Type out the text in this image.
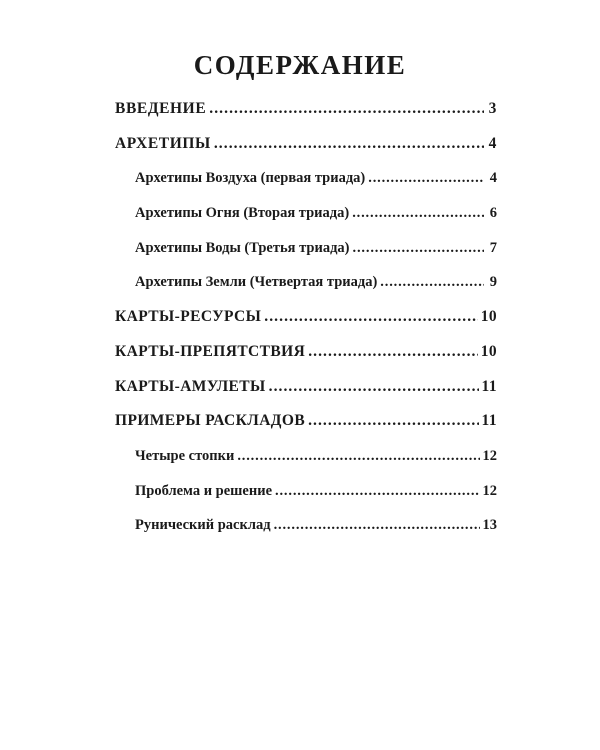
СОДЕРЖАНИЕ
ВВЕДЕНИЕ . . .	3
АРХЕТИПЫ . . .	4
Архетипы Воздуха (первая триада) . . .	4
Архетипы Огня (Вторая триада) . . .	6
Архетипы Воды (Третья триада) . . .	7
Архетипы Земли (Четвертая триада) . . .	9
КАРТЫ-РЕСУРСЫ . . .	10
КАРТЫ-ПРЕПЯТСТВИЯ . . .	10
КАРТЫ-АМУЛЕТЫ . . .	11
ПРИМЕРЫ РАСКЛАДОВ . . .	11
Четыре стопки . . .	12
Проблема и решение . . .	12
Рунический расклад . . .	13
